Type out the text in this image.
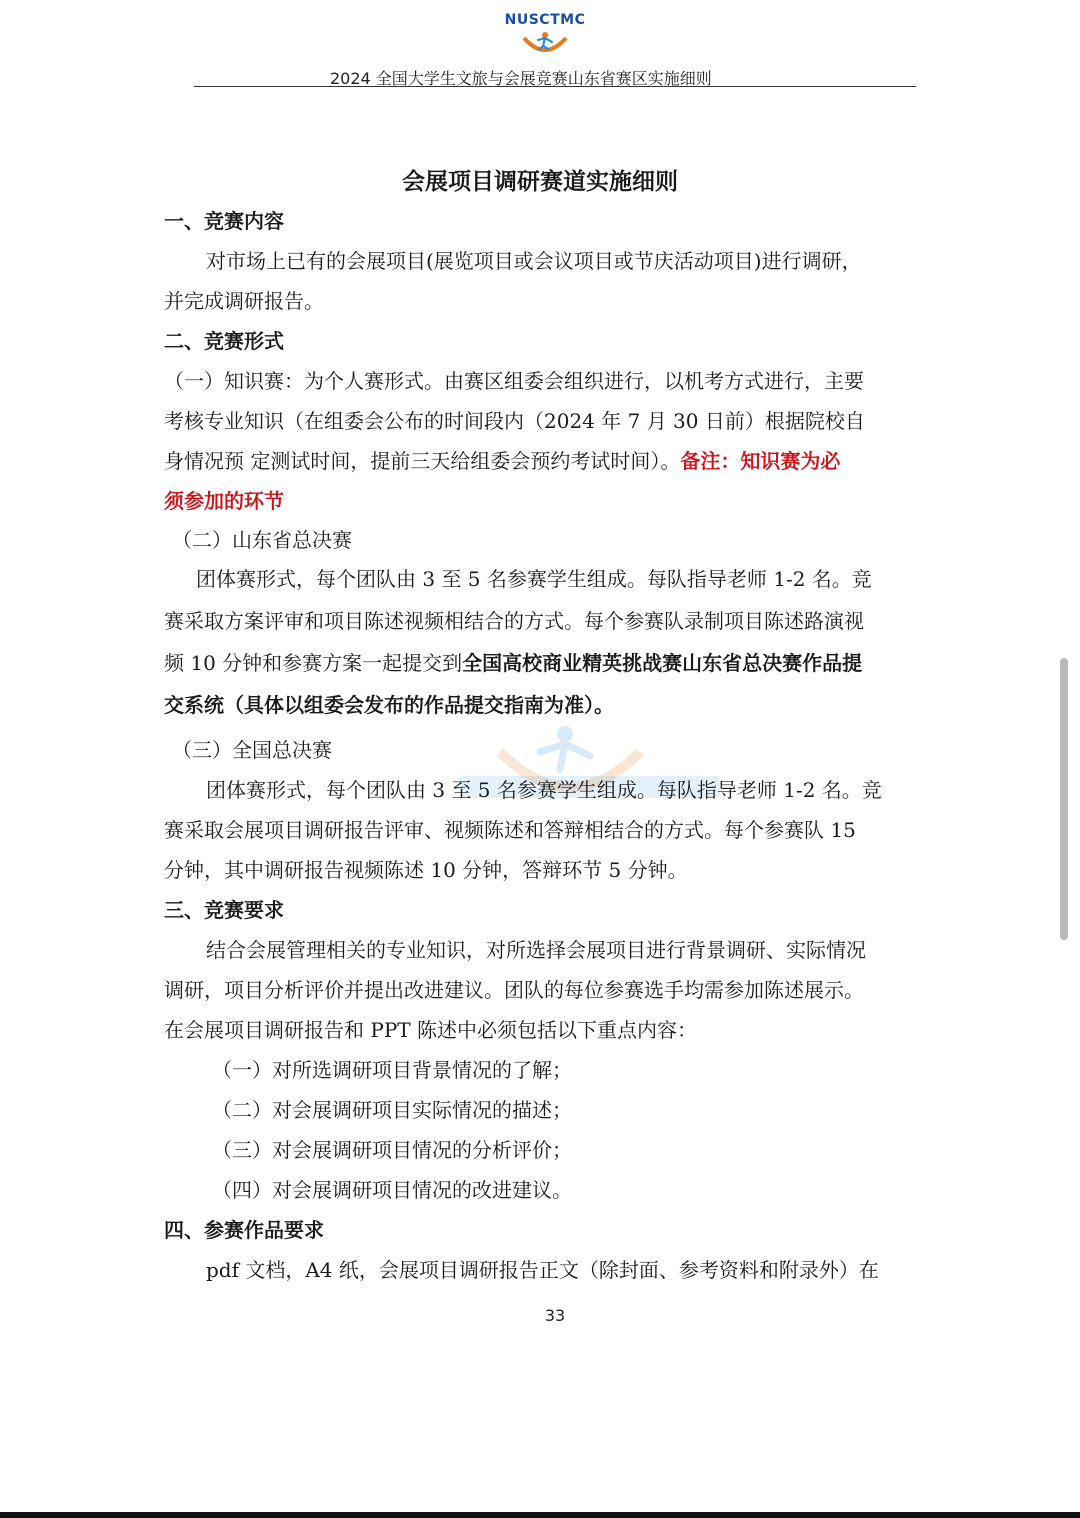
NUSCTMC
2024 全国大学生文旅与会展竞赛山东省赛区实施细则
会展项目调研赛道实施细则
一、竞赛内容
对市场上已有的会展项目(展览项目或会议项目或节庆活动项目)进行调研，
并完成调研报告。
二、竞赛形式
（一）知识赛：为个人赛形式。由赛区组委会组织进行，以机考方式进行，主要
考核专业知识（在组委会公布的时间段内（2024 年 7 月 30 日前）根据院校自
身情况预 定测试时间，提前三天给组委会预约考试时间）。备注：知识赛为必
须参加的环节
（二）山东省总决赛
团体赛形式，每个团队由 3 至 5 名参赛学生组成。每队指导老师 1-2 名。竞
赛采取方案评审和项目陈述视频相结合的方式。每个参赛队录制项目陈述路演视
频 10 分钟和参赛方案一起提交到全国高校商业精英挑战赛山东省总决赛作品提
交系统（具体以组委会发布的作品提交指南为准）。
（三）全国总决赛
团体赛形式，每个团队由 3 至 5 名参赛学生组成。每队指导老师 1-2 名。竞
赛采取会展项目调研报告评审、视频陈述和答辩相结合的方式。每个参赛队 15
分钟，其中调研报告视频陈述 10 分钟，答辩环节 5 分钟。
三、竞赛要求
结合会展管理相关的专业知识，对所选择会展项目进行背景调研、实际情况
调研，项目分析评价并提出改进建议。团队的每位参赛选手均需参加陈述展示。
在会展项目调研报告和 PPT 陈述中必须包括以下重点内容：
（一）对所选调研项目背景情况的了解；
（二）对会展调研项目实际情况的描述；
（三）对会展调研项目情况的分析评价；
（四）对会展调研项目情况的改进建议。
四、参赛作品要求
pdf 文档，A4 纸，会展项目调研报告正文（除封面、参考资料和附录外）在
33
